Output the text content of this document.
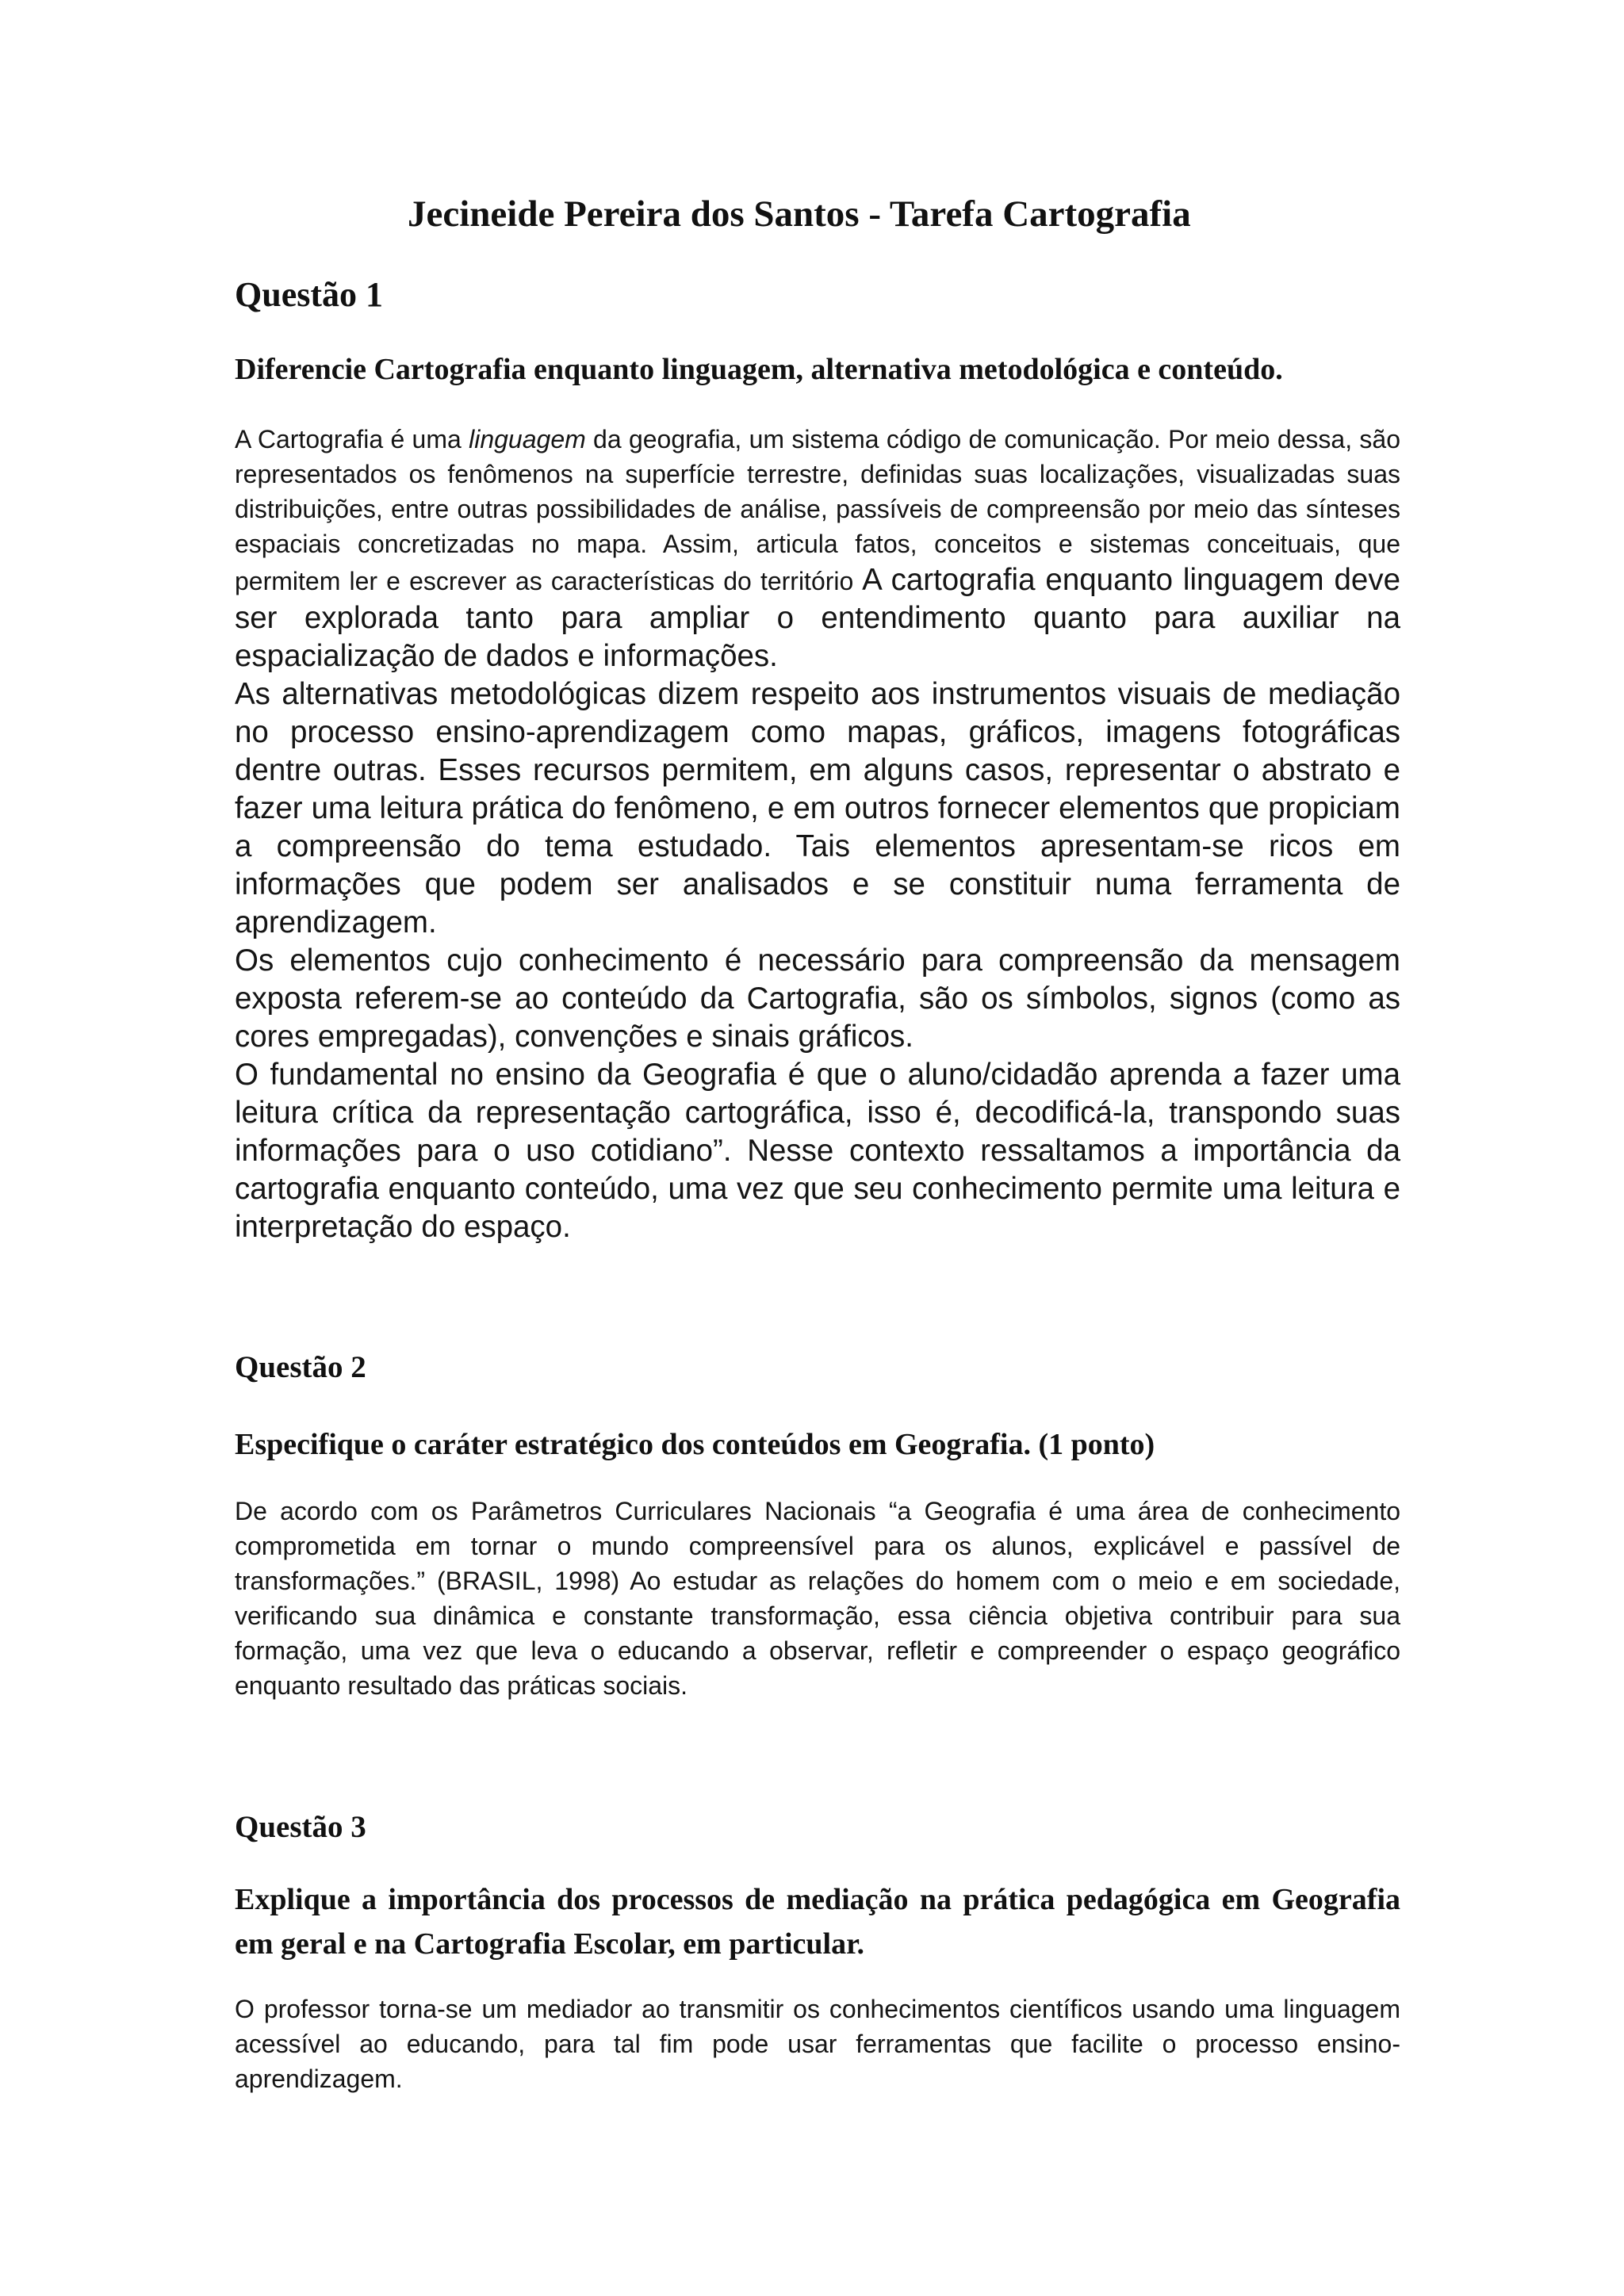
Jecineide Pereira dos Santos - Tarefa Cartografia
Questão 1

Diferencie Cartografia enquanto linguagem, alternativa metodológica e conteúdo.

A Cartografia é uma linguagem da geografia, um sistema código de comunicação. Por meio dessa, são representados os fenômenos na superfície terrestre, definidas suas localizações, visualizadas suas distribuições, entre outras possibilidades de análise, passíveis de compreensão por meio das sínteses espaciais concretizadas no mapa. Assim, articula fatos, conceitos e sistemas conceituais, que permitem ler e escrever as características do território A cartografia enquanto linguagem deve ser explorada tanto para ampliar o entendimento quanto para auxiliar na espacialização de dados e informações.

As alternativas metodológicas dizem respeito aos instrumentos visuais de mediação no processo ensino-aprendizagem como mapas, gráficos, imagens fotográficas dentre outras. Esses recursos permitem, em alguns casos, representar o abstrato e fazer uma leitura prática do fenômeno, e em outros fornecer elementos que propiciam a compreensão do tema estudado. Tais elementos apresentam-se ricos em informações que podem ser analisados e se constituir numa ferramenta de aprendizagem.

Os elementos cujo conhecimento é necessário para compreensão da mensagem exposta referem-se ao conteúdo da Cartografia, são os símbolos, signos (como as cores empregadas), convenções e sinais gráficos.

O fundamental no ensino da Geografia é que o aluno/cidadão aprenda a fazer uma leitura crítica da representação cartográfica, isso é, decodificá-la, transpondo suas informações para o uso cotidiano”. Nesse contexto ressaltamos a importância da cartografia enquanto conteúdo, uma vez que seu conhecimento permite uma leitura e interpretação do espaço.

Questão 2

Especifique o caráter estratégico dos conteúdos em Geografia. (1 ponto)

De acordo com os Parâmetros Curriculares Nacionais “a Geografia é uma área de conhecimento comprometida em tornar o mundo compreensível para os alunos, explicável e passível de transformações.” (BRASIL, 1998) Ao estudar as relações do homem com o meio e em sociedade, verificando sua dinâmica e constante transformação, essa ciência objetiva contribuir para sua formação, uma vez que leva o educando a observar, refletir e compreender o espaço geográfico enquanto resultado das práticas sociais.

Questão 3

Explique a importância dos processos de mediação na prática pedagógica em Geografia em geral e na Cartografia Escolar, em particular.

O professor torna-se um mediador ao transmitir os conhecimentos científicos usando uma linguagem acessível ao educando, para tal fim pode usar ferramentas que facilite o processo ensino-aprendizagem.
